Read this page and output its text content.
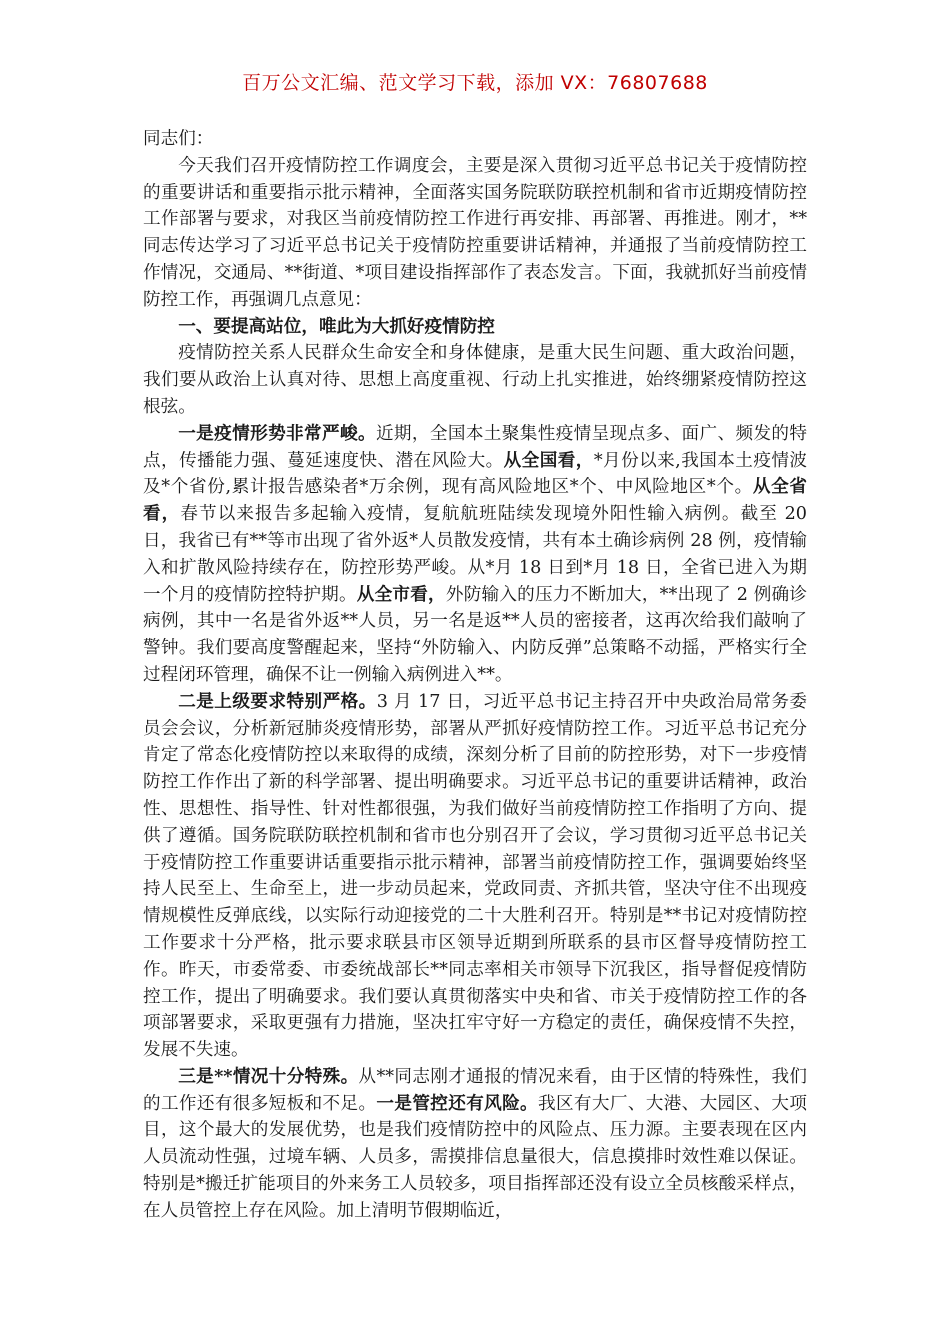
百万公文汇编、范文学习下载，添加 VX：76807688

同志们：

今天我们召开疫情防控工作调度会，主要是深入贯彻习近平总书记关于疫情防控的重要讲话和重要指示批示精神，全面落实国务院联防联控机制和省市近期疫情防控工作部署与要求，对我区当前疫情防控工作进行再安排、再部署、再推进。刚才，**同志传达学习了习近平总书记关于疫情防控重要讲话精神，并通报了当前疫情防控工作情况，交通局、**街道、*项目建设指挥部作了表态发言。下面，我就抓好当前疫情防控工作，再强调几点意见：

一、要提高站位，唯此为大抓好疫情防控

疫情防控关系人民群众生命安全和身体健康，是重大民生问题、重大政治问题，我们要从政治上认真对待、思想上高度重视、行动上扎实推进，始终绷紧疫情防控这根弦。

一是疫情形势非常严峻。近期，全国本土聚集性疫情呈现点多、面广、频发的特点，传播能力强、蔓延速度快、潜在风险大。从全国看，*月份以来,我国本土疫情波及*个省份,累计报告感染者*万余例，现有高风险地区*个、中风险地区*个。从全省看，春节以来报告多起输入疫情，复航航班陆续发现境外阳性输入病例。截至 20 日，我省已有**等市出现了省外返*人员散发疫情，共有本土确诊病例 28 例，疫情输入和扩散风险持续存在，防控形势严峻。从*月 18 日到*月 18 日，全省已进入为期一个月的疫情防控特护期。从全市看，外防输入的压力不断加大，**出现了 2 例确诊病例，其中一名是省外返**人员，另一名是返**人员的密接者，这再次给我们敲响了警钟。我们要高度警醒起来，坚持“外防输入、内防反弹”总策略不动摇，严格实行全过程闭环管理，确保不让一例输入病例进入**。

二是上级要求特别严格。3 月 17 日，习近平总书记主持召开中央政治局常务委员会会议，分析新冠肺炎疫情形势，部署从严抓好疫情防控工作。习近平总书记充分肯定了常态化疫情防控以来取得的成绩，深刻分析了目前的防控形势，对下一步疫情防控工作作出了新的科学部署、提出明确要求。习近平总书记的重要讲话精神，政治性、思想性、指导性、针对性都很强，为我们做好当前疫情防控工作指明了方向、提供了遵循。国务院联防联控机制和省市也分别召开了会议，学习贯彻习近平总书记关于疫情防控工作重要讲话重要指示批示精神，部署当前疫情防控工作，强调要始终坚持人民至上、生命至上，进一步动员起来，党政同责、齐抓共管，坚决守住不出现疫情规模性反弹底线，以实际行动迎接党的二十大胜利召开。特别是**书记对疫情防控工作要求十分严格，批示要求联县市区领导近期到所联系的县市区督导疫情防控工作。昨天，市委常委、市委统战部长**同志率相关市领导下沉我区，指导督促疫情防控工作，提出了明确要求。我们要认真贯彻落实中央和省、市关于疫情防控工作的各项部署要求，采取更强有力措施，坚决扛牢守好一方稳定的责任，确保疫情不失控，发展不失速。

三是**情况十分特殊。从**同志刚才通报的情况来看，由于区情的特殊性，我们的工作还有很多短板和不足。一是管控还有风险。我区有大厂、大港、大园区、大项目，这个最大的发展优势，也是我们疫情防控中的风险点、压力源。主要表现在区内人员流动性强，过境车辆、人员多，需摸排信息量很大，信息摸排时效性难以保证。特别是*搬迁扩能项目的外来务工人员较多，项目指挥部还没有设立全员核酸采样点，在人员管控上存在风险。加上清明节假期临近，
